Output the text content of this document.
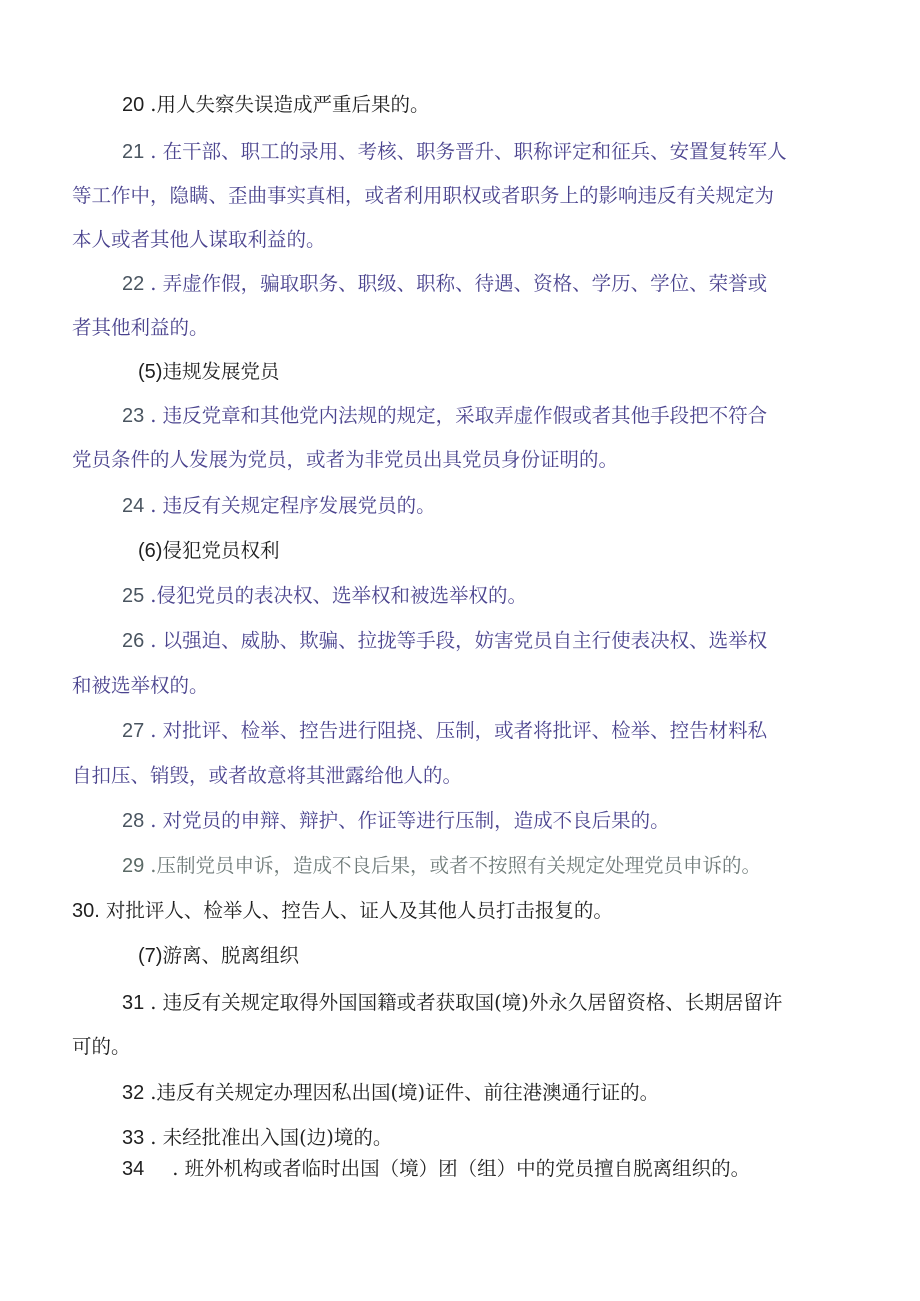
20 .用人失察失误造成严重后果的。
21 . 在干部、职工的录用、考核、职务晋升、职称评定和征兵、安置复转军人
等工作中，隐瞒、歪曲事实真相，或者利用职权或者职务上的影响违反有关规定为
本人或者其他人谋取利益的。
22 . 弄虚作假，骗取职务、职级、职称、待遇、资格、学历、学位、荣誉或
者其他利益的。
(5)违规发展党员
23 . 违反党章和其他党内法规的规定，采取弄虚作假或者其他手段把不符合
党员条件的人发展为党员，或者为非党员出具党员身份证明的。
24 . 违反有关规定程序发展党员的。
(6)侵犯党员权利
25 .侵犯党员的表决权、选举权和被选举权的。
26 . 以强迫、威胁、欺骗、拉拢等手段，妨害党员自主行使表决权、选举权
和被选举权的。
27 . 对批评、检举、控告进行阻挠、压制，或者将批评、检举、控告材料私
自扣压、销毁，或者故意将其泄露给他人的。
28 . 对党员的申辩、辩护、作证等进行压制，造成不良后果的。
29 .压制党员申诉，造成不良后果，或者不按照有关规定处理党员申诉的。
30. 对批评人、检举人、控告人、证人及其他人员打击报复的。
(7)游离、脱离组织
31 . 违反有关规定取得外国国籍或者获取国(境)外永久居留资格、长期居留许
可的。
32 .违反有关规定办理因私出国(境)证件、前往港澳通行证的。
33 . 未经批准出入国(边)境的。
34 . 班外机构或者临时出国（境）团（组）中的党员擅自脱离组织的。
